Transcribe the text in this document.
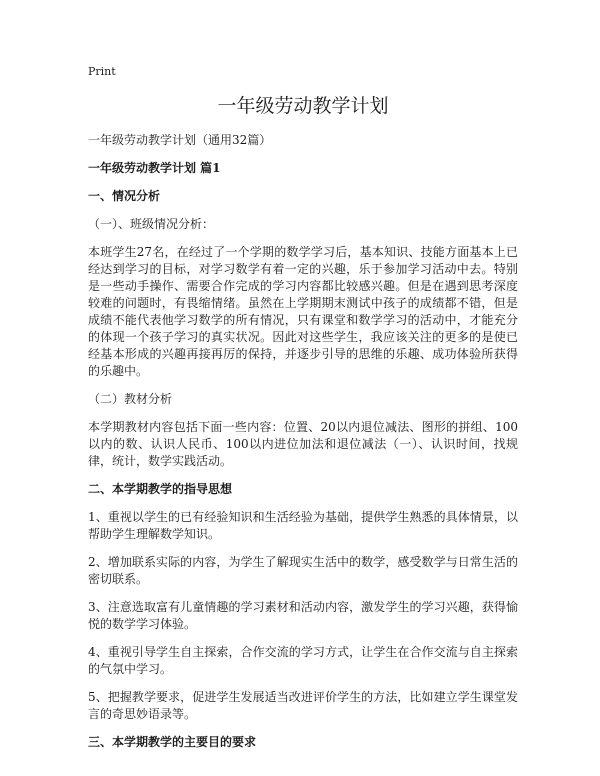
Print
一年级劳动教学计划

一年级劳动教学计划（通用32篇）

一年级劳动教学计划 篇1

一、情况分析

（一）、班级情况分析：

本班学生27名，在经过了一个学期的数学学习后，基本知识、技能方面基本上已经达到学习的目标，对学习数学有着一定的兴趣，乐于参加学习活动中去。特别是一些动手操作、需要合作完成的学习内容都比较感兴趣。但是在遇到思考深度较难的问题时，有畏缩情绪。虽然在上学期期末测试中孩子的成绩都不错，但是成绩不能代表他学习数学的所有情况，只有课堂和数学学习的活动中，才能充分的体现一个孩子学习的真实状况。因此对这些学生，我应该关注的更多的是使已经基本形成的兴趣再接再厉的保持，并逐步引导的思维的乐趣、成功体验所获得的乐趣中。

（二）教材分析

本学期教材内容包括下面一些内容：位置、20以内退位减法、图形的拼组、100以内的数、认识人民币、100以内进位加法和退位减法（一）、认识时间，找规律，统计，数学实践活动。

二、本学期教学的指导思想

1、重视以学生的已有经验知识和生活经验为基础，提供学生熟悉的具体情景，以帮助学生理解数学知识。

2、增加联系实际的内容，为学生了解现实生活中的数学，感受数学与日常生活的密切联系。

3、注意选取富有儿童情趣的学习素材和活动内容，激发学生的学习兴趣，获得愉悦的数学学习体验。

4、重视引导学生自主探索，合作交流的学习方式，让学生在合作交流与自主探索的气氛中学习。

5、把握教学要求，促进学生发展适当改进评价学生的方法，比如建立学生课堂发言的奇思妙语录等。

三、本学期教学的主要目的要求
